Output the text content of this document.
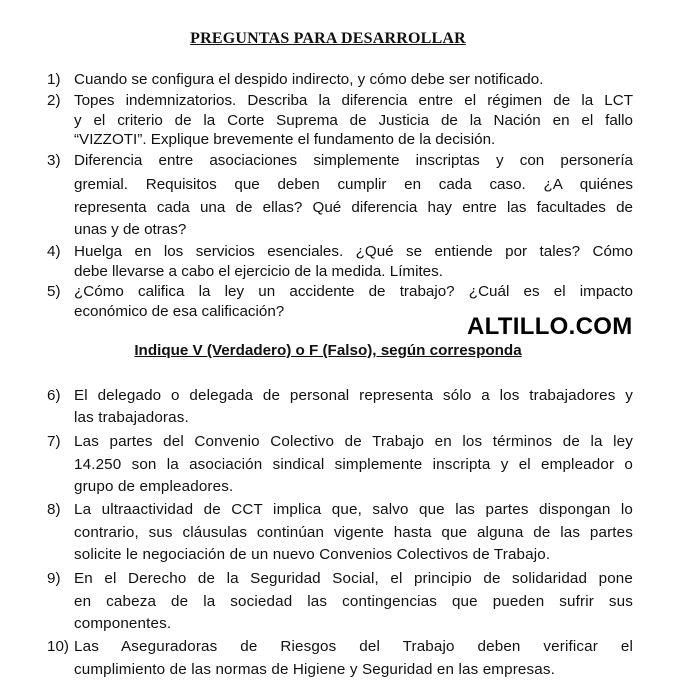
PREGUNTAS PARA DESARROLLAR
1) Cuando se configura el despido indirecto, y cómo debe ser notificado.
2) Topes indemnizatorios. Describa la diferencia entre el régimen de la LCT
y el criterio de la Corte Suprema de Justicia de la Nación en el fallo
“VIZZOTI”. Explique brevemente el fundamento de la decisión.
3) Diferencia entre asociaciones simplemente inscriptas y con personería
gremial. Requisitos que deben cumplir en cada caso. ¿A quiénes
representa cada una de ellas? Qué diferencia hay entre las facultades de
unas y de otras?
4) Huelga en los servicios esenciales. ¿Qué se entiende por tales? Cómo
debe llevarse a cabo el ejercicio de la medida. Límites.
5) ¿Cómo califica la ley un accidente de trabajo? ¿Cuál es el impacto
económico de esa calificación?
ALTILLO.COM
Indique V (Verdadero) o F (Falso), según corresponda
6) El delegado o delegada de personal representa sólo a los trabajadores y
las trabajadoras.
7) Las partes del Convenio Colectivo de Trabajo en los términos de la ley
14.250 son la asociación sindical simplemente inscripta y el empleador o
grupo de empleadores.
8) La ultraactividad de CCT implica que, salvo que las partes dispongan lo
contrario, sus cláusulas continúan vigente hasta que alguna de las partes
solicite le negociación de un nuevo Convenios Colectivos de Trabajo.
9) En el Derecho de la Seguridad Social, el principio de solidaridad pone
en cabeza de la sociedad las contingencias que pueden sufrir sus
componentes.
10) Las Aseguradoras de Riesgos del Trabajo deben verificar el
cumplimiento de las normas de Higiene y Seguridad en las empresas.
